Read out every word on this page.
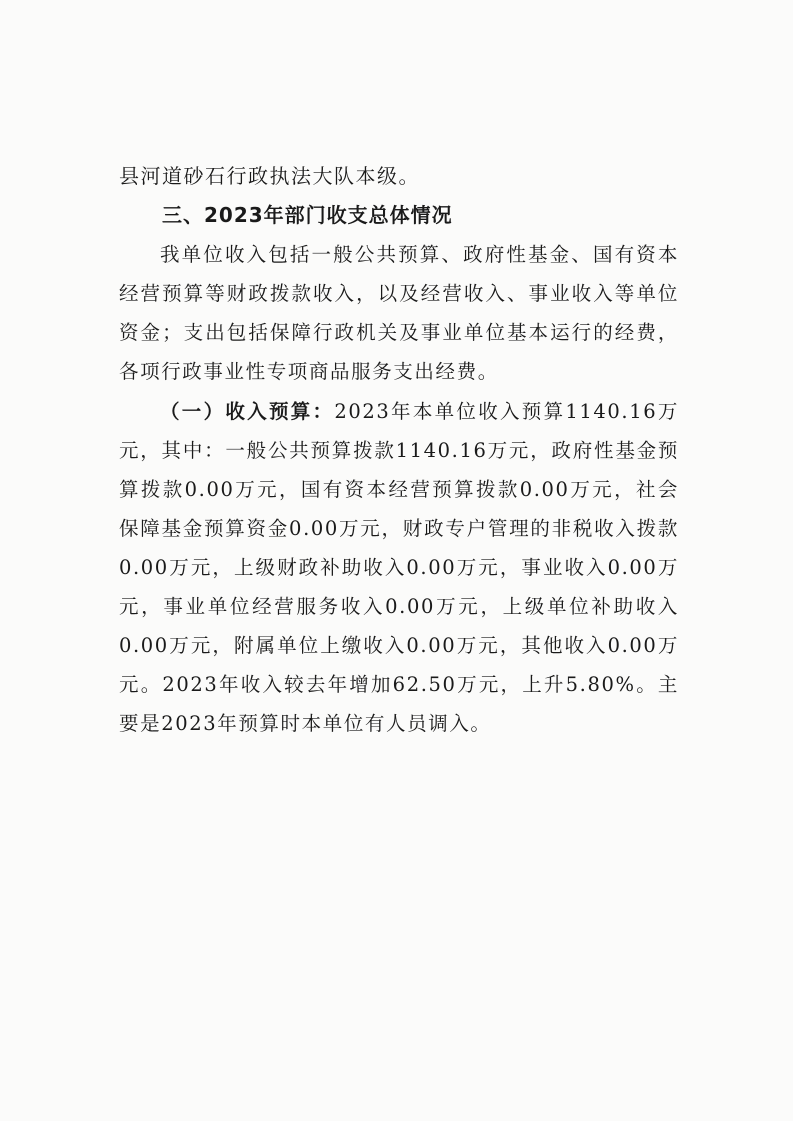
县河道砂石行政执法大队本级。
三、2023年部门收支总体情况
我单位收入包括一般公共预算、政府性基金、国有资本经营预算等财政拨款收入，以及经营收入、事业收入等单位资金；支出包括保障行政机关及事业单位基本运行的经费，各项行政事业性专项商品服务支出经费。
（一）收入预算：2023年本单位收入预算1140.16万元，其中：一般公共预算拨款1140.16万元，政府性基金预算拨款0.00万元，国有资本经营预算拨款0.00万元，社会保障基金预算资金0.00万元，财政专户管理的非税收入拨款0.00万元，上级财政补助收入0.00万元，事业收入0.00万元，事业单位经营服务收入0.00万元，上级单位补助收入0.00万元，附属单位上缴收入0.00万元，其他收入0.00万元。2023年收入较去年增加62.50万元，上升5.80%。主要是2023年预算时本单位有人员调入。
